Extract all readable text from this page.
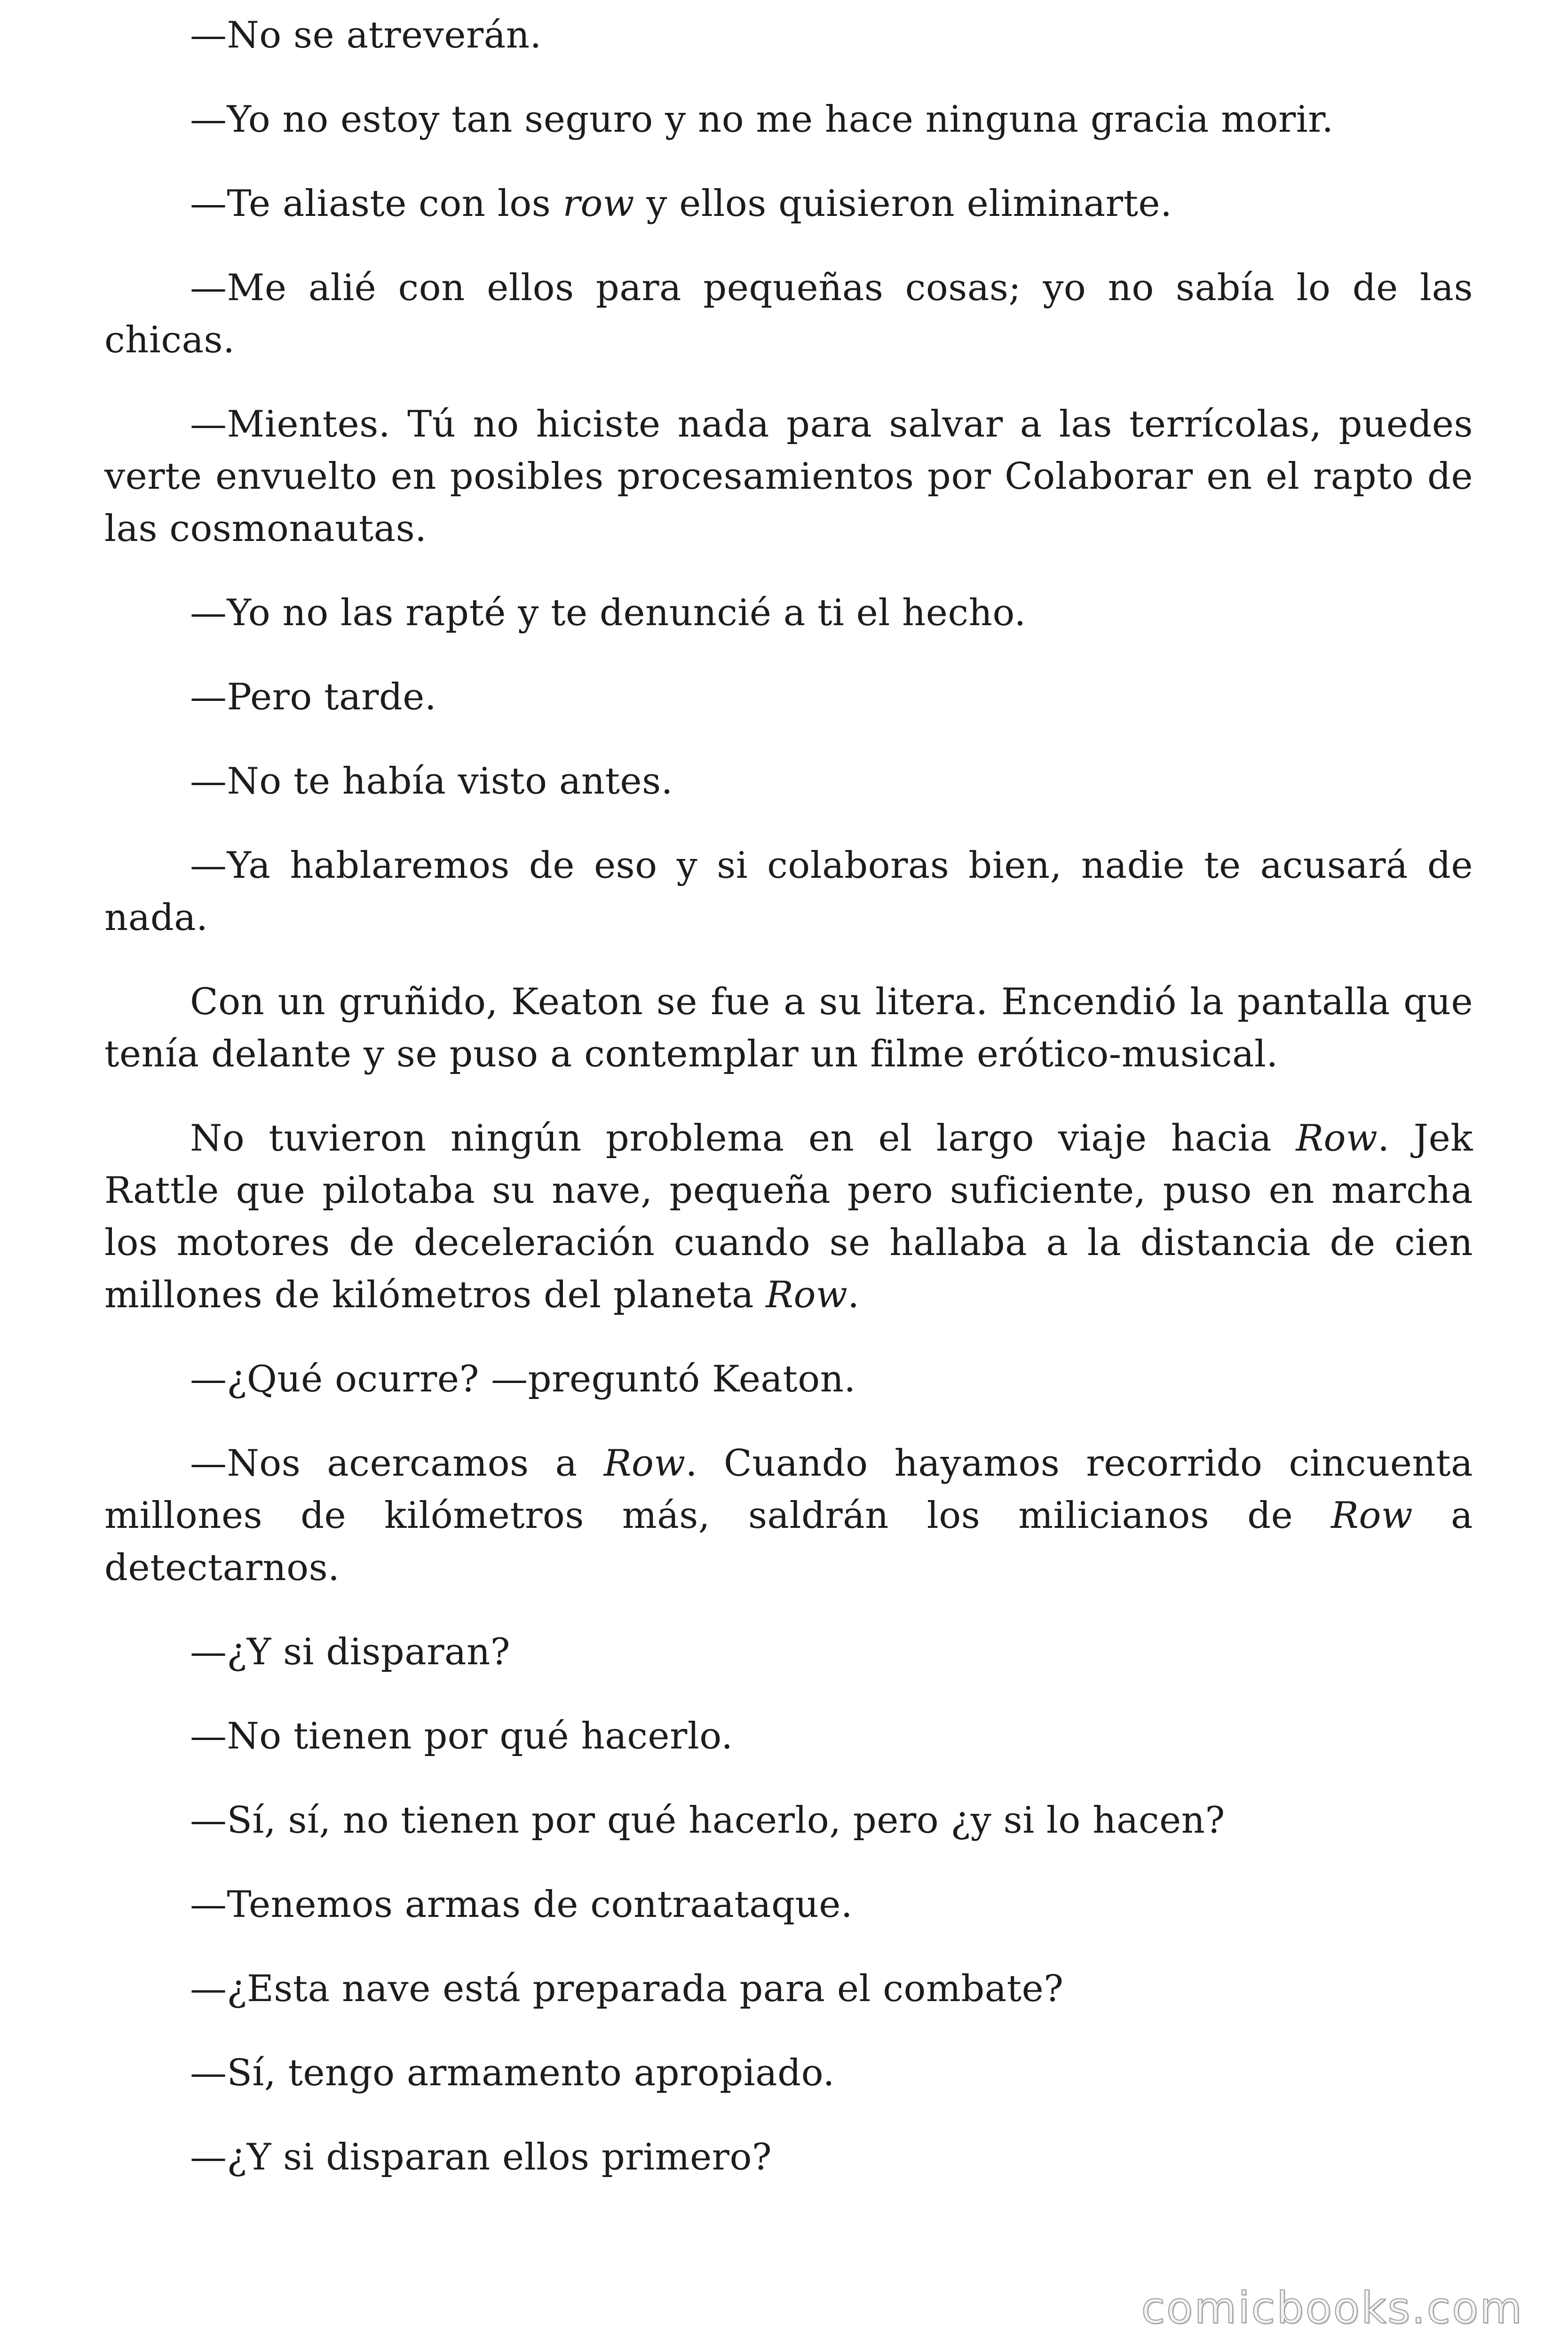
—No se atreverán.

—Yo no estoy tan seguro y no me hace ninguna gracia morir.

—Te aliaste con los row y ellos quisieron eliminarte.

—Me alié con ellos para pequeñas cosas; yo no sabía lo de las chicas.

—Mientes. Tú no hiciste nada para salvar a las terrícolas, puedes verte envuelto en posibles procesamientos por Colaborar en el rapto de las cosmonautas.

—Yo no las rapté y te denuncié a ti el hecho.

—Pero tarde.

—No te había visto antes.

—Ya hablaremos de eso y si colaboras bien, nadie te acusará de nada.

Con un gruñido, Keaton se fue a su litera. Encendió la pantalla que tenía delante y se puso a contemplar un filme erótico-musical.

No tuvieron ningún problema en el largo viaje hacia Row. Jek Rattle que pilotaba su nave, pequeña pero suficiente, puso en marcha los motores de deceleración cuando se hallaba a la distancia de cien millones de kilómetros del planeta Row.

—¿Qué ocurre? —preguntó Keaton.

—Nos acercamos a Row. Cuando hayamos recorrido cincuenta millones de kilómetros más, saldrán los milicianos de Row a detectarnos.

—¿Y si disparan?

—No tienen por qué hacerlo.

—Sí, sí, no tienen por qué hacerlo, pero ¿y si lo hacen?

—Tenemos armas de contraataque.

—¿Esta nave está preparada para el combate?

—Sí, tengo armamento apropiado.

—¿Y si disparan ellos primero?

comicbooks.com
